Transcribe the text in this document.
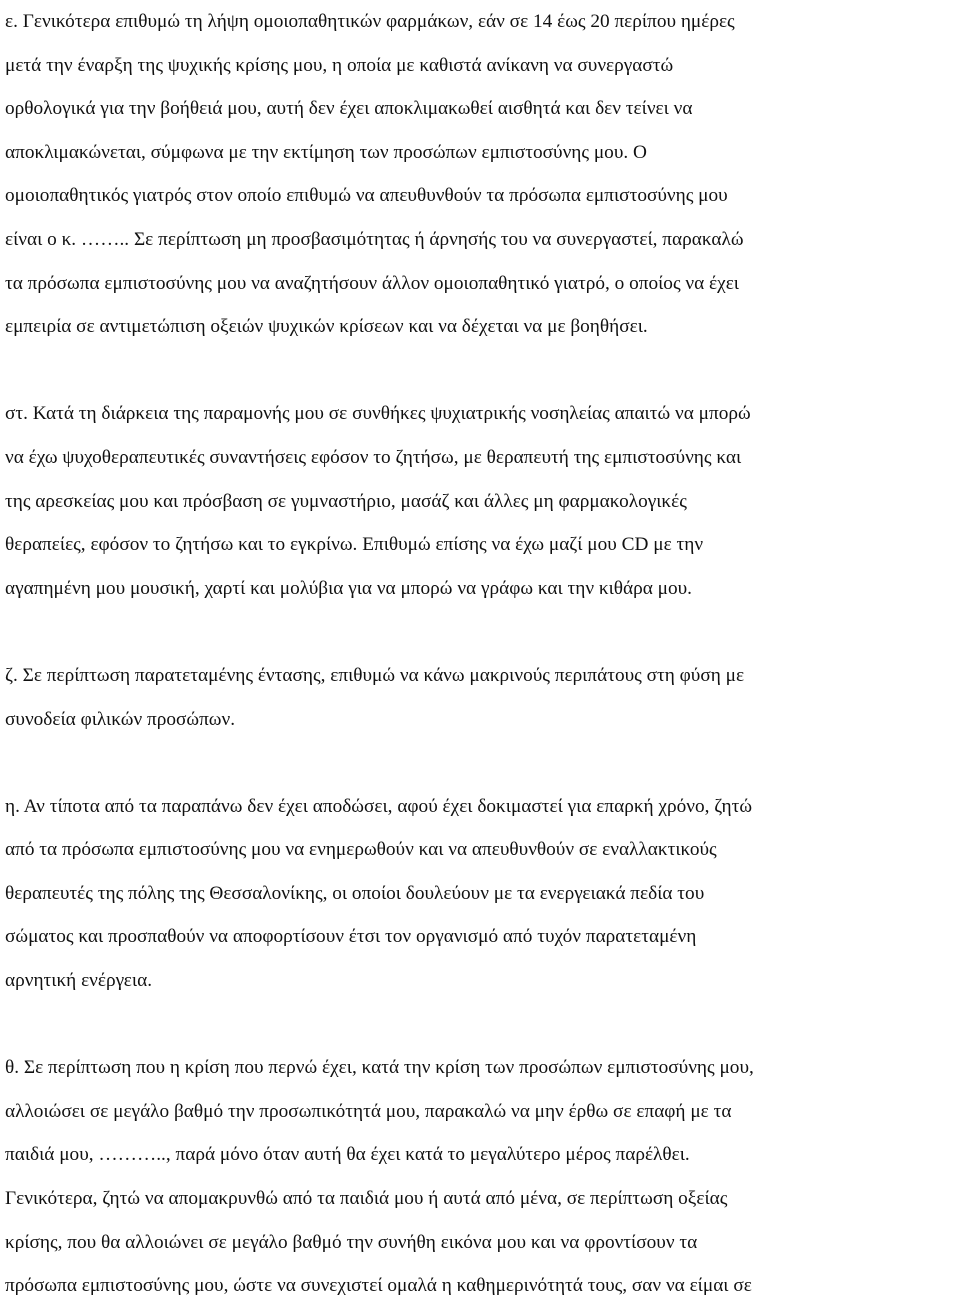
ε. Γενικότερα επιθυμώ τη λήψη ομοιοπαθητικών φαρμάκων, εάν σε 14 έως 20 περίπου ημέρες
μετά την έναρξη της ψυχικής κρίσης μου, η οποία με καθιστά ανίκανη να συνεργαστώ
ορθολογικά για την βοήθειά μου, αυτή δεν έχει αποκλιμακωθεί αισθητά και δεν τείνει να
αποκλιμακώνεται, σύμφωνα με την εκτίμηση των προσώπων εμπιστοσύνης μου. Ο
ομοιοπαθητικός γιατρός στον οποίο επιθυμώ να απευθυνθούν τα πρόσωπα εμπιστοσύνης μου
είναι ο κ. …….. Σε περίπτωση μη προσβασιμότητας ή άρνησής του να συνεργαστεί, παρακαλώ
τα πρόσωπα εμπιστοσύνης μου να αναζητήσουν άλλον ομοιοπαθητικό γιατρό, ο οποίος να έχει
εμπειρία σε αντιμετώπιση οξειών ψυχικών κρίσεων και να δέχεται να με βοηθήσει.
στ. Κατά τη διάρκεια της παραμονής μου σε συνθήκες ψυχιατρικής νοσηλείας απαιτώ να μπορώ
να έχω ψυχοθεραπευτικές συναντήσεις εφόσον το ζητήσω, με θεραπευτή της εμπιστοσύνης και
της αρεσκείας μου και πρόσβαση σε γυμναστήριο, μασάζ και άλλες μη φαρμακολογικές
θεραπείες, εφόσον το ζητήσω και το εγκρίνω. Επιθυμώ επίσης να έχω μαζί μου CD με την
αγαπημένη μου μουσική, χαρτί και μολύβια για να μπορώ να γράφω και την κιθάρα μου.
ζ. Σε περίπτωση παρατεταμένης έντασης, επιθυμώ να κάνω μακρινούς περιπάτους στη φύση με
συνοδεία φιλικών προσώπων.
η. Αν τίποτα από τα παραπάνω δεν έχει αποδώσει, αφού έχει δοκιμαστεί για επαρκή χρόνο, ζητώ
από τα πρόσωπα εμπιστοσύνης μου να ενημερωθούν και να απευθυνθούν σε εναλλακτικούς
θεραπευτές της πόλης της Θεσσαλονίκης, οι οποίοι δουλεύουν με τα ενεργειακά πεδία του
σώματος και προσπαθούν να αποφορτίσουν έτσι τον οργανισμό από τυχόν παρατεταμένη
αρνητική ενέργεια.
θ. Σε περίπτωση που η κρίση που περνώ έχει, κατά την κρίση των προσώπων εμπιστοσύνης μου,
αλλοιώσει σε μεγάλο βαθμό την προσωπικότητά μου, παρακαλώ να μην έρθω σε επαφή με τα
παιδιά μου, ……….., παρά μόνο όταν αυτή θα έχει κατά το μεγαλύτερο μέρος παρέλθει.
Γενικότερα, ζητώ να απομακρυνθώ από τα παιδιά μου ή αυτά από μένα, σε περίπτωση οξείας
κρίσης, που θα αλλοιώνει σε μεγάλο βαθμό την συνήθη εικόνα μου και να φροντίσουν τα
πρόσωπα εμπιστοσύνης μου, ώστε να συνεχιστεί ομαλά η καθημερινότητά τους, σαν να είμαι σε
